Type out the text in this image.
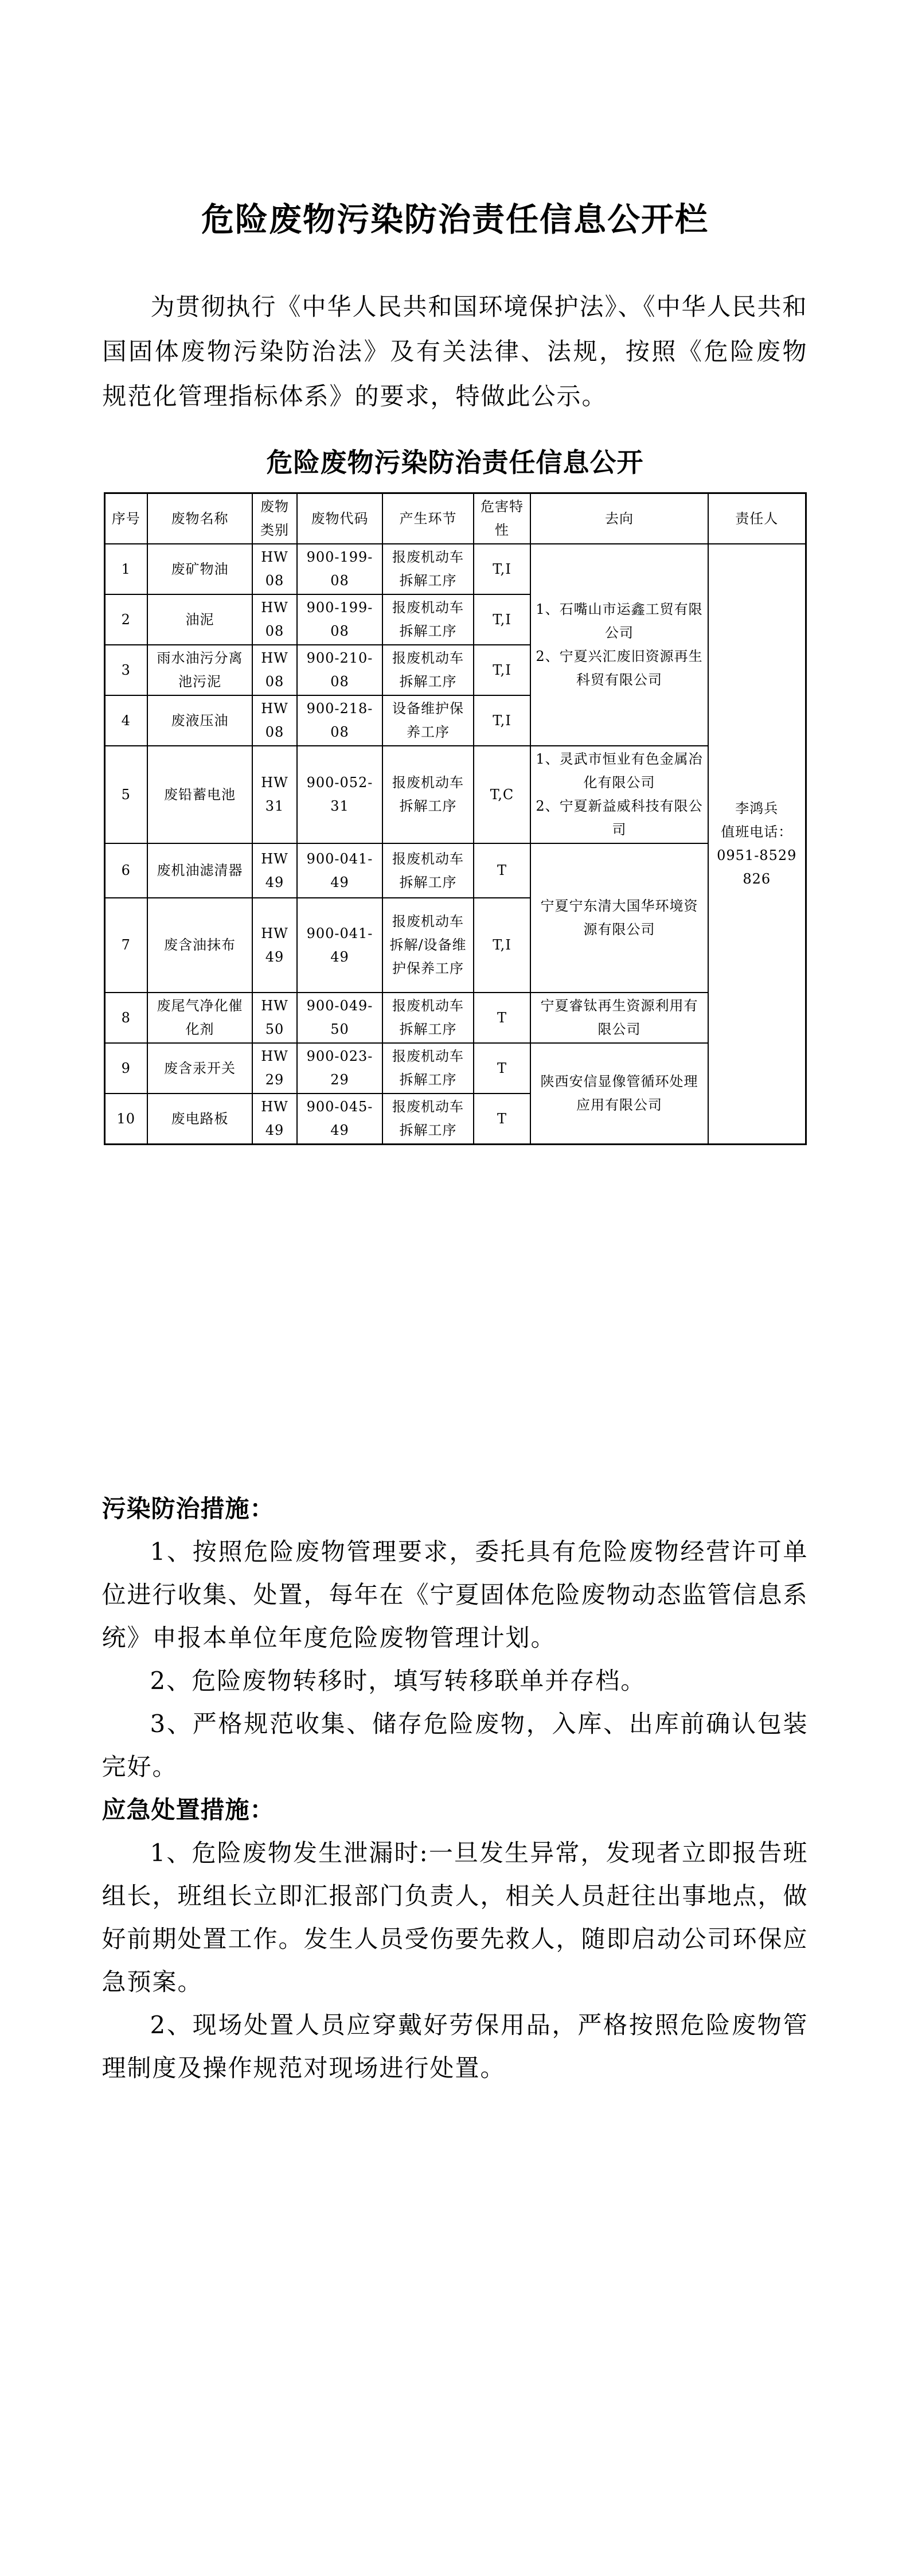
危险废物污染防治责任信息公开栏
为贯彻执行《中华人民共和国环境保护法》、《中华人民共和国固体废物污染防治法》及有关法律、法规，按照《危险废物规范化管理指标体系》的要求，特做此公示。
危险废物污染防治责任信息公开
序号	废物名称	废物类别	废物代码	产生环节	危害特性	去向	责任人
1	废矿物油	HW08	900-199-08	报废机动车拆解工序	T,I	
1、石嘴山市运鑫工贸有限公司
2、宁夏兴汇废旧资源再生科贸有限公司

李鸿兵
值班电话：
0951-8529826

2	油泥	HW08	900-199-08	报废机动车拆解工序	T,I		
3	雨水油污分离池污泥	HW08	900-210-08	报废机动车拆解工序	T,I		
4	废液压油	HW08	900-218-08	设备维护保养工序	T,I		
5	废铅蓄电池	HW31	900-052-31	报废机动车拆解工序	T,C	1、灵武市恒业有色金属冶化有限公司
2、宁夏新益威科技有限公司	

6	废机油滤清器	HW49	900-041-49	报废机动车拆解工序	T	宁夏宁东清大国华环境资源有限公司	

7	废含油抹布	HW49	900-041-49	报废机动车拆解/设备维护保养工序	T,I		
8	废尾气净化催化剂	HW50	900-049-50	报废机动车拆解工序	T	宁夏睿钛再生资源利用有限公司	

9	废含汞开关	HW29	900-023-29	报废机动车拆解工序	T	陕西安信显像管循环处理应用有限公司	

10	废电路板	HW49	900-045-49	报废机动车拆解工序	T		
污染防治措施：
1、按照危险废物管理要求，委托具有危险废物经营许可单位进行收集、处置，每年在《宁夏固体危险废物动态监管信息系统》申报本单位年度危险废物管理计划。
2、危险废物转移时，填写转移联单并存档。
3、严格规范收集、储存危险废物，入库、出库前确认包装完好。
应急处置措施：
1、危险废物发生泄漏时:一旦发生异常，发现者立即报告班组长，班组长立即汇报部门负责人，相关人员赶往出事地点，做好前期处置工作。发生人员受伤要先救人，随即启动公司环保应急预案。
2、现场处置人员应穿戴好劳保用品，严格按照危险废物管理制度及操作规范对现场进行处置。
